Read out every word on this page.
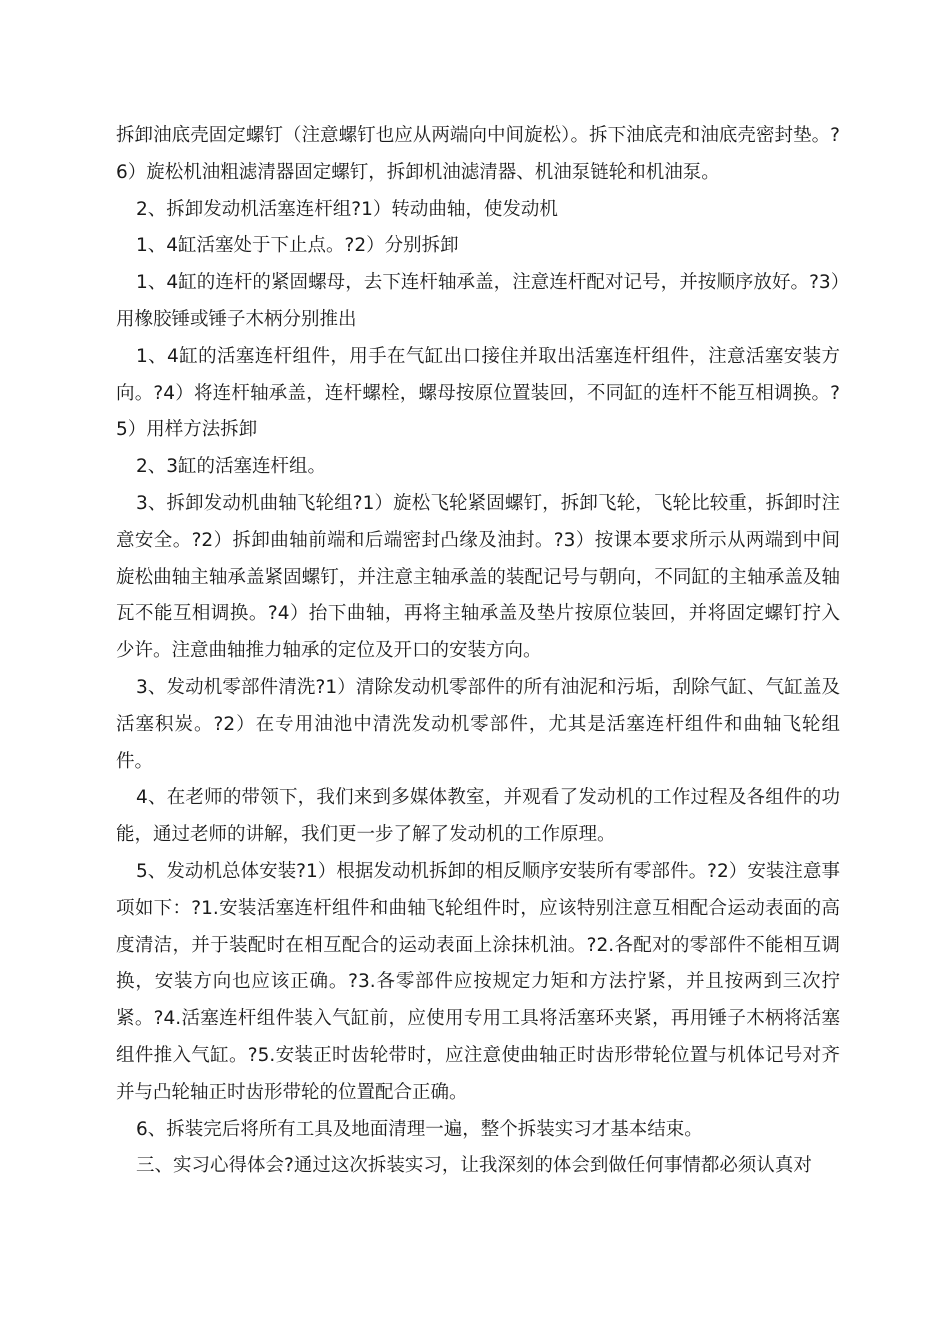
拆卸油底壳固定螺钉（注意螺钉也应从两端向中间旋松）。拆下油底壳和油底壳密封垫。?6）旋松机油粗滤清器固定螺钉，拆卸机油滤清器、机油泵链轮和机油泵。

2、拆卸发动机活塞连杆组?1）转动曲轴，使发动机

1、4缸活塞处于下止点。?2）分别拆卸

1、4缸的连杆的紧固螺母，去下连杆轴承盖，注意连杆配对记号，并按顺序放好。?3）用橡胶锤或锤子木柄分别推出

1、4缸的活塞连杆组件，用手在气缸出口接住并取出活塞连杆组件，注意活塞安装方向。?4）将连杆轴承盖，连杆螺栓，螺母按原位置装回，不同缸的连杆不能互相调换。?5）用样方法拆卸

2、3缸的活塞连杆组。

3、拆卸发动机曲轴飞轮组?1）旋松飞轮紧固螺钉，拆卸飞轮，飞轮比较重，拆卸时注意安全。?2）拆卸曲轴前端和后端密封凸缘及油封。?3）按课本要求所示从两端到中间旋松曲轴主轴承盖紧固螺钉，并注意主轴承盖的装配记号与朝向，不同缸的主轴承盖及轴瓦不能互相调换。?4）抬下曲轴，再将主轴承盖及垫片按原位装回，并将固定螺钉拧入少许。注意曲轴推力轴承的定位及开口的安装方向。

3、发动机零部件清洗?1）清除发动机零部件的所有油泥和污垢，刮除气缸、气缸盖及活塞积炭。?2）在专用油池中清洗发动机零部件，尤其是活塞连杆组件和曲轴飞轮组件。

4、在老师的带领下，我们来到多媒体教室，并观看了发动机的工作过程及各组件的功能，通过老师的讲解，我们更一步了解了发动机的工作原理。

5、发动机总体安装?1）根据发动机拆卸的相反顺序安装所有零部件。?2）安装注意事项如下：?1.安装活塞连杆组件和曲轴飞轮组件时，应该特别注意互相配合运动表面的高度清洁，并于装配时在相互配合的运动表面上涂抹机油。?2.各配对的零部件不能相互调换，安装方向也应该正确。?3.各零部件应按规定力矩和方法拧紧，并且按两到三次拧紧。?4.活塞连杆组件装入气缸前，应使用专用工具将活塞环夹紧，再用锤子木柄将活塞组件推入气缸。?5.安装正时齿轮带时，应注意使曲轴正时齿形带轮位置与机体记号对齐并与凸轮轴正时齿形带轮的位置配合正确。

6、拆装完后将所有工具及地面清理一遍，整个拆装实习才基本结束。

三、实习心得体会?通过这次拆装实习，让我深刻的体会到做任何事情都必须认真对
